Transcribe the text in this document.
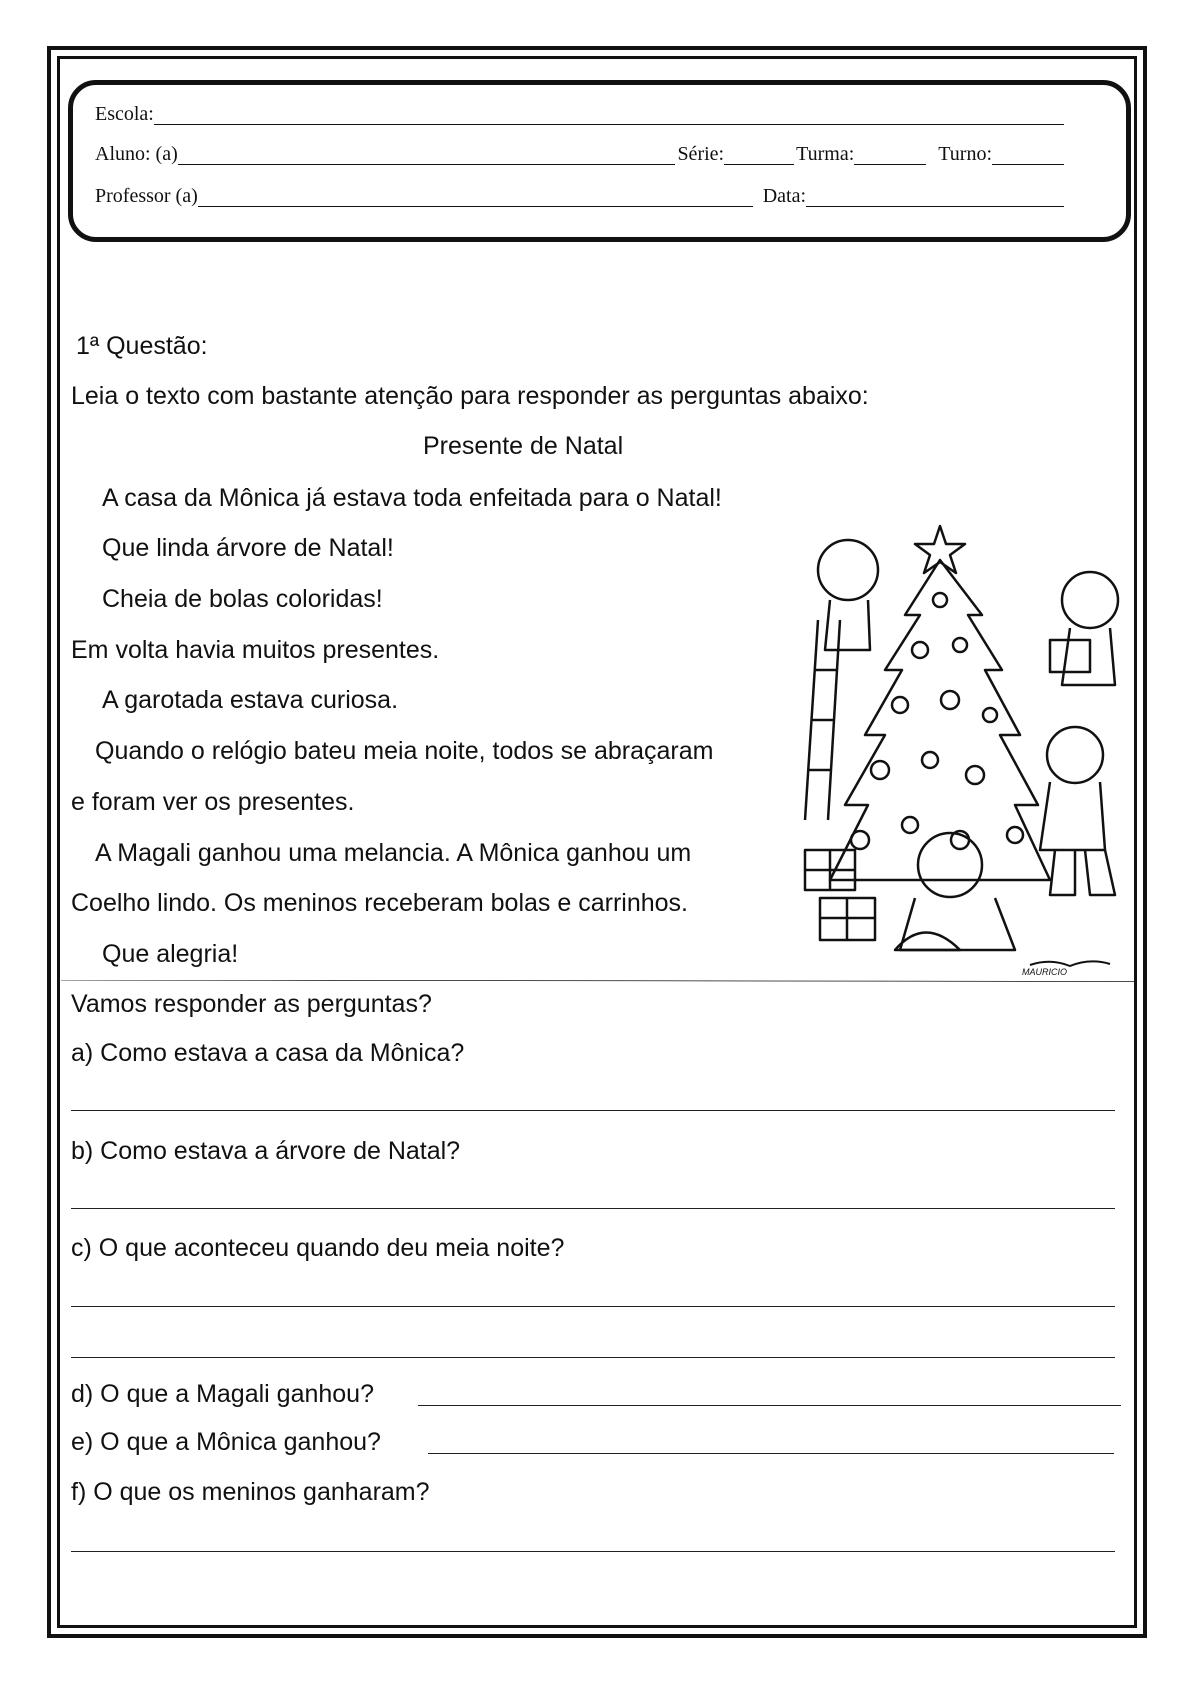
Escola:
Aluno: (a)	Série:	Turma:	Turno:
Professor (a)	Data:
1ª Questão:
Leia o texto com bastante atenção para responder as perguntas abaixo:
Presente de Natal
A casa da Mônica já estava toda enfeitada para o Natal!
Que linda árvore de Natal!
Cheia de bolas coloridas!
Em volta havia muitos presentes.
A garotada estava curiosa.
Quando o relógio bateu meia noite, todos se abraçaram
e foram ver os presentes.
A Magali ganhou uma melancia. A Mônica ganhou um
Coelho lindo. Os meninos receberam bolas e carrinhos.
Que alegria!
MAURICIO
Vamos responder as perguntas?
a) Como estava a casa da Mônica?
b) Como estava a árvore de Natal?
c) O que aconteceu quando deu meia noite?
d) O que a Magali ganhou?
e) O que a Mônica ganhou?
f) O que os meninos ganharam?
